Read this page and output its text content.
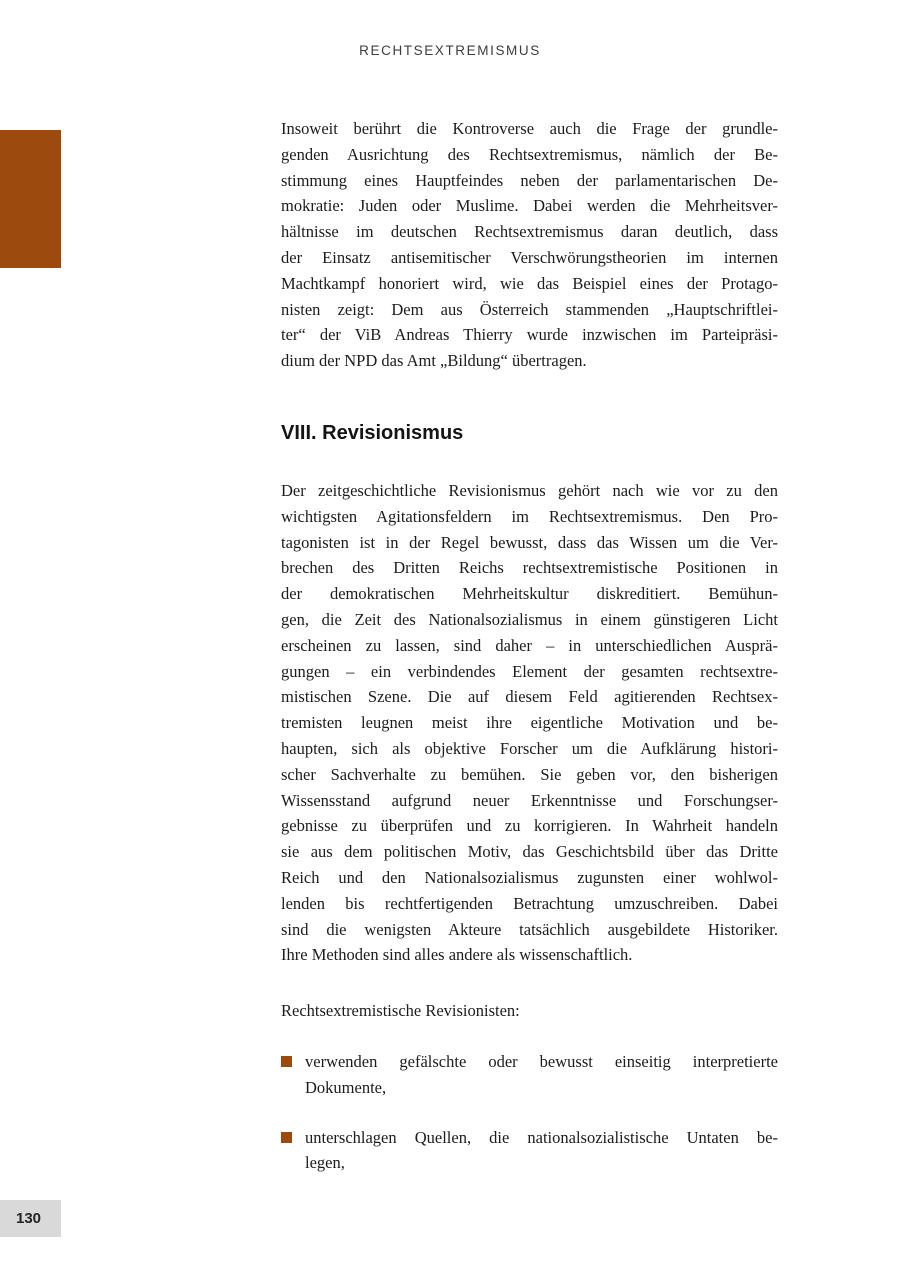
RECHTSEXTREMISMUS
Insoweit berührt die Kontroverse auch die Frage der grundle-
genden Ausrichtung des Rechtsextremismus, nämlich der Be-
stimmung eines Hauptfeindes neben der parlamentarischen De-
mokratie: Juden oder Muslime. Dabei werden die Mehrheitsver-
hältnisse im deutschen Rechtsextremismus daran deutlich, dass
der Einsatz antisemitischer Verschwörungstheorien im internen
Machtkampf honoriert wird, wie das Beispiel eines der Protago-
nisten zeigt: Dem aus Österreich stammenden „Hauptschriftlei-
ter“ der ViB Andreas Thierry wurde inzwischen im Parteipräsi-
dium der NPD das Amt „Bildung“ übertragen.
VIII. Revisionismus
Der zeitgeschichtliche Revisionismus gehört nach wie vor zu den
wichtigsten Agitationsfeldern im Rechtsextremismus. Den Pro-
tagonisten ist in der Regel bewusst, dass das Wissen um die Ver-
brechen des Dritten Reichs rechtsextremistische Positionen in
der demokratischen Mehrheitskultur diskreditiert. Bemühun-
gen, die Zeit des Nationalsozialismus in einem günstigeren Licht
erscheinen zu lassen, sind daher – in unterschiedlichen Ausprä-
gungen – ein verbindendes Element der gesamten rechtsextre-
mistischen Szene. Die auf diesem Feld agitierenden Rechtsex-
tremisten leugnen meist ihre eigentliche Motivation und be-
haupten, sich als objektive Forscher um die Aufklärung histori-
scher Sachverhalte zu bemühen. Sie geben vor, den bisherigen
Wissensstand aufgrund neuer Erkenntnisse und Forschungser-
gebnisse zu überprüfen und zu korrigieren. In Wahrheit handeln
sie aus dem politischen Motiv, das Geschichtsbild über das Dritte
Reich und den Nationalsozialismus zugunsten einer wohlwol-
lenden bis rechtfertigenden Betrachtung umzuschreiben. Dabei
sind die wenigsten Akteure tatsächlich ausgebildete Historiker.
Ihre Methoden sind alles andere als wissenschaftlich.
Rechtsextremistische Revisionisten:
verwenden gefälschte oder bewusst einseitig interpretierte
Dokumente,
unterschlagen Quellen, die nationalsozialistische Untaten be-
legen,
130
